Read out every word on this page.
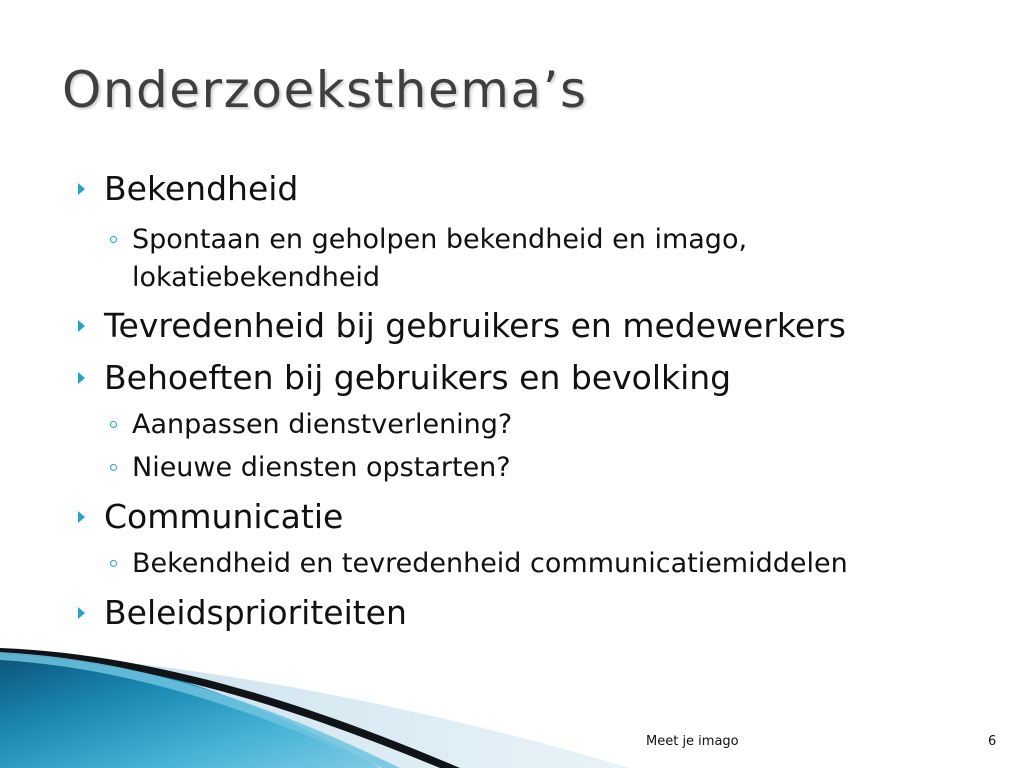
Onderzoeksthema’s
Bekendheid
Spontaan en geholpen bekendheid en imago,
lokatiebekendheid
Tevredenheid bij gebruikers en medewerkers
Behoeften bij gebruikers en bevolking
Aanpassen dienstverlening?
Nieuwe diensten opstarten?
Communicatie
Bekendheid en tevredenheid communicatiemiddelen
Beleidsprioriteiten
Meet je imago	6
